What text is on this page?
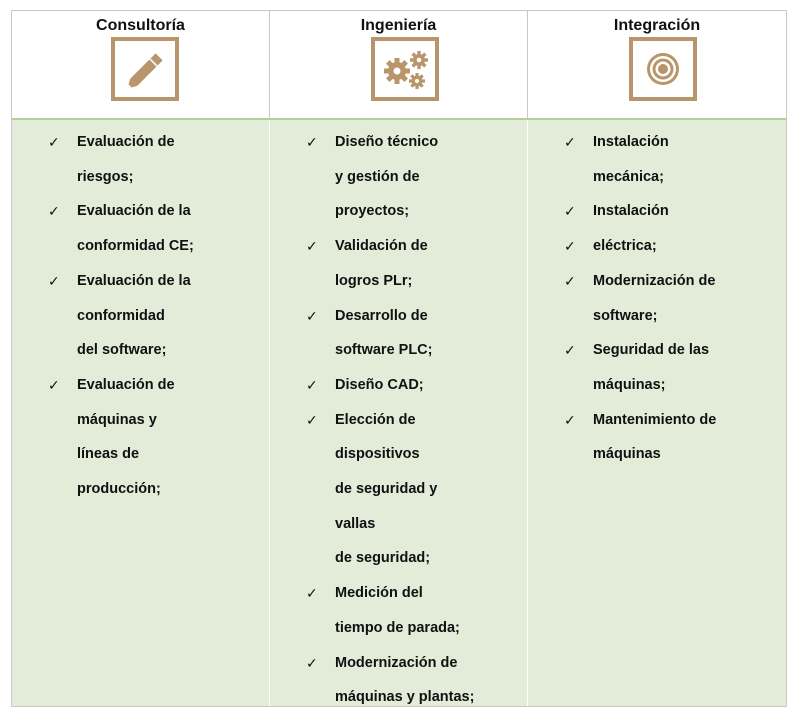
Consultoría	Ingeniería	Integración
✓ Evaluación de
riesgos;
✓ Evaluación de la
conformidad CE;
✓ Evaluación de la
conformidad
del software;
✓ Evaluación de
máquinas y
líneas de
producción;
✓ Diseño técnico
y gestión de
proyectos;
✓ Validación de
logros PLr;
✓ Desarrollo de
software PLC;
✓ Diseño CAD;
✓ Elección de
dispositivos
de seguridad y
vallas
de seguridad;
✓ Medición del
tiempo de parada;
✓ Modernización de
máquinas y plantas;
✓ Instalación
mecánica;
✓ Instalación
✓ eléctrica;
✓ Modernización de
software;
✓ Seguridad de las
máquinas;
✓ Mantenimiento de
máquinas
